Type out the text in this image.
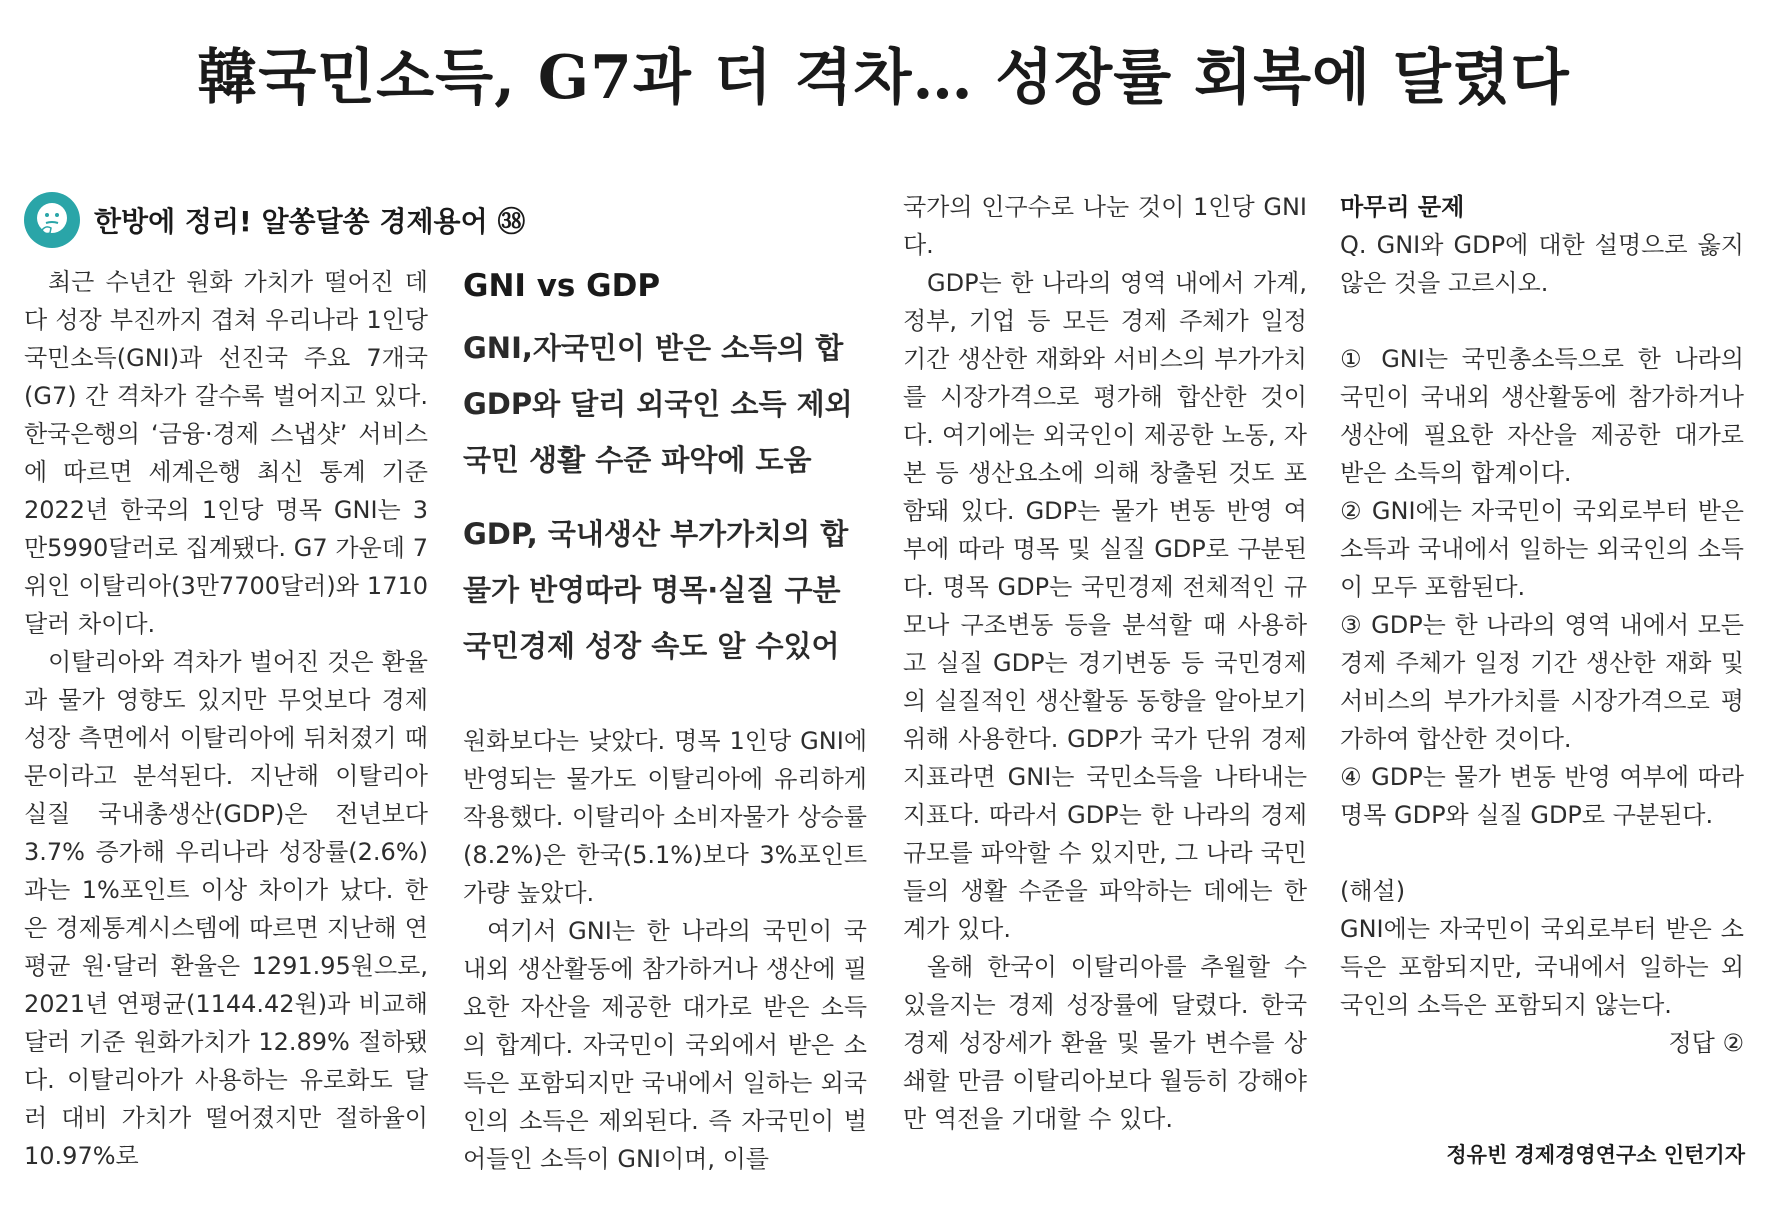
韓국민소득, G7과 더 격차… 성장률 회복에 달렸다
한방에 정리! 알쏭달쏭 경제용어 ㊳

최근 수년간 원화 가치가 떨어진 데다 성장 부진까지 겹쳐 우리나라 1인당 국민소득(GNI)과 선진국 주요 7개국(G7) 간 격차가 갈수록 벌어지고 있다. 한국은행의 ‘금융·경제 스냅샷’ 서비스에 따르면 세계은행 최신 통계 기준 2022년 한국의 1인당 명목 GNI는 3만5990달러로 집계됐다. G7 가운데 7위인 이탈리아(3만7700달러)와 1710달러 차이다.

이탈리아와 격차가 벌어진 것은 환율과 물가 영향도 있지만 무엇보다 경제성장 측면에서 이탈리아에 뒤처졌기 때문이라고 분석된다. 지난해 이탈리아 실질 국내총생산(GDP)은 전년보다 3.7% 증가해 우리나라 성장률(2.6%)과는 1%포인트 이상 차이가 났다. 한은 경제통계시스템에 따르면 지난해 연평균 원·달러 환율은 1291.95원으로, 2021년 연평균(1144.42원)과 비교해 달러 기준 원화가치가 12.89% 절하됐다. 이탈리아가 사용하는 유로화도 달러 대비 가치가 떨어졌지만 절하율이 10.97%로

GNI vs GDP
GNI,자국민이 받은 소득의 합
GDP와 달리 외국인 소득 제외
국민 생활 수준 파악에 도움
GDP, 국내생산 부가가치의 합
물가 반영따라 명목·실질 구분
국민경제 성장 속도 알 수있어

원화보다는 낮았다. 명목 1인당 GNI에 반영되는 물가도 이탈리아에 유리하게 작용했다. 이탈리아 소비자물가 상승률(8.2%)은 한국(5.1%)보다 3%포인트가량 높았다.

여기서 GNI는 한 나라의 국민이 국내외 생산활동에 참가하거나 생산에 필요한 자산을 제공한 대가로 받은 소득의 합계다. 자국민이 국외에서 받은 소득은 포함되지만 국내에서 일하는 외국인의 소득은 제외된다. 즉 자국민이 벌어들인 소득이 GNI이며, 이를

국가의 인구수로 나눈 것이 1인당 GNI다.

GDP는 한 나라의 영역 내에서 가계, 정부, 기업 등 모든 경제 주체가 일정 기간 생산한 재화와 서비스의 부가가치를 시장가격으로 평가해 합산한 것이다. 여기에는 외국인이 제공한 노동, 자본 등 생산요소에 의해 창출된 것도 포함돼 있다. GDP는 물가 변동 반영 여부에 따라 명목 및 실질 GDP로 구분된다. 명목 GDP는 국민경제 전체적인 규모나 구조변동 등을 분석할 때 사용하고 실질 GDP는 경기변동 등 국민경제의 실질적인 생산활동 동향을 알아보기 위해 사용한다. GDP가 국가 단위 경제지표라면 GNI는 국민소득을 나타내는 지표다. 따라서 GDP는 한 나라의 경제 규모를 파악할 수 있지만, 그 나라 국민들의 생활 수준을 파악하는 데에는 한계가 있다.

올해 한국이 이탈리아를 추월할 수 있을지는 경제 성장률에 달렸다. 한국 경제 성장세가 환율 및 물가 변수를 상쇄할 만큼 이탈리아보다 월등히 강해야만 역전을 기대할 수 있다.

마무리 문제

Q. GNI와 GDP에 대한 설명으로 옳지 않은 것을 고르시오.

① GNI는 국민총소득으로 한 나라의 국민이 국내외 생산활동에 참가하거나 생산에 필요한 자산을 제공한 대가로 받은 소득의 합계이다.

② GNI에는 자국민이 국외로부터 받은 소득과 국내에서 일하는 외국인의 소득이 모두 포함된다.

③ GDP는 한 나라의 영역 내에서 모든 경제 주체가 일정 기간 생산한 재화 및 서비스의 부가가치를 시장가격으로 평가하여 합산한 것이다.

④ GDP는 물가 변동 반영 여부에 따라 명목 GDP와 실질 GDP로 구분된다.

(해설)

GNI에는 자국민이 국외로부터 받은 소득은 포함되지만, 국내에서 일하는 외국인의 소득은 포함되지 않는다.

정답 ②

정유빈 경제경영연구소 인턴기자
